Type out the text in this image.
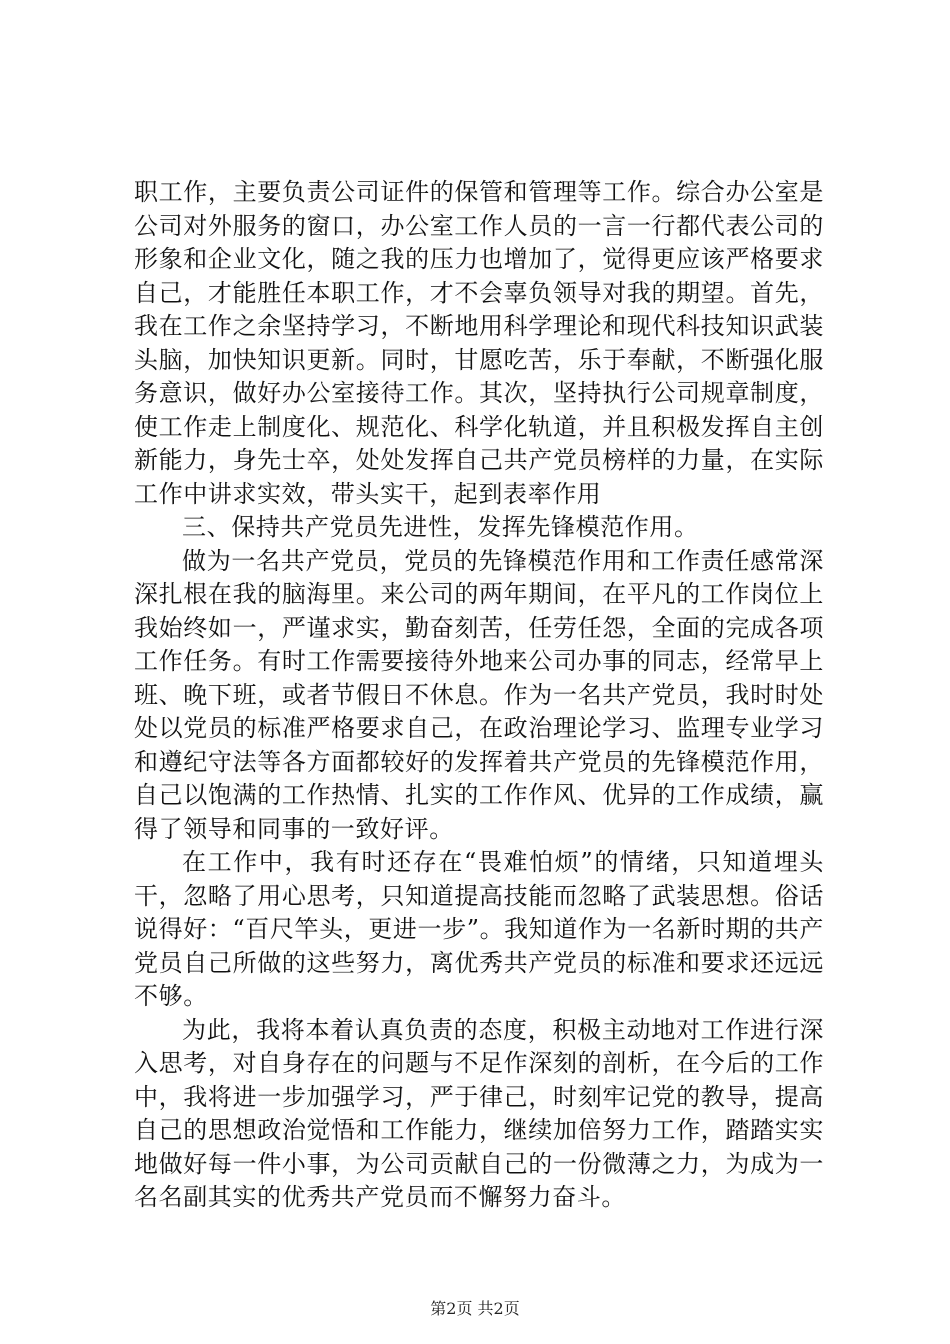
职工作，主要负责公司证件的保管和管理等工作。综合办公室是公司对外服务的窗口，办公室工作人员的一言一行都代表公司的形象和企业文化，随之我的压力也增加了，觉得更应该严格要求自己，才能胜任本职工作，才不会辜负领导对我的期望。首先，我在工作之余坚持学习，不断地用科学理论和现代科技知识武装头脑，加快知识更新。同时，甘愿吃苦，乐于奉献，不断强化服务意识，做好办公室接待工作。其次，坚持执行公司规章制度，使工作走上制度化、规范化、科学化轨道，并且积极发挥自主创新能力，身先士卒，处处发挥自己共产党员榜样的力量，在实际工作中讲求实效，带头实干，起到表率作用

三、保持共产党员先进性，发挥先锋模范作用。

做为一名共产党员，党员的先锋模范作用和工作责任感常深深扎根在我的脑海里。来公司的两年期间，在平凡的工作岗位上我始终如一，严谨求实，勤奋刻苦，任劳任怨，全面的完成各项工作任务。有时工作需要接待外地来公司办事的同志，经常早上班、晚下班，或者节假日不休息。作为一名共产党员，我时时处处以党员的标准严格要求自己，在政治理论学习、监理专业学习和遵纪守法等各方面都较好的发挥着共产党员的先锋模范作用，自己以饱满的工作热情、扎实的工作作风、优异的工作成绩，赢得了领导和同事的一致好评。

在工作中，我有时还存在“畏难怕烦”的情绪，只知道埋头干，忽略了用心思考，只知道提高技能而忽略了武装思想。俗话说得好：“百尺竿头，更进一步”。我知道作为一名新时期的共产党员自己所做的这些努力，离优秀共产党员的标准和要求还远远不够。

为此，我将本着认真负责的态度，积极主动地对工作进行深入思考，对自身存在的问题与不足作深刻的剖析，在今后的工作中，我将进一步加强学习，严于律己，时刻牢记党的教导，提高自己的思想政治觉悟和工作能力，继续加倍努力工作，踏踏实实地做好每一件小事，为公司贡献自己的一份微薄之力，为成为一名名副其实的优秀共产党员而不懈努力奋斗。

第2页 共2页
